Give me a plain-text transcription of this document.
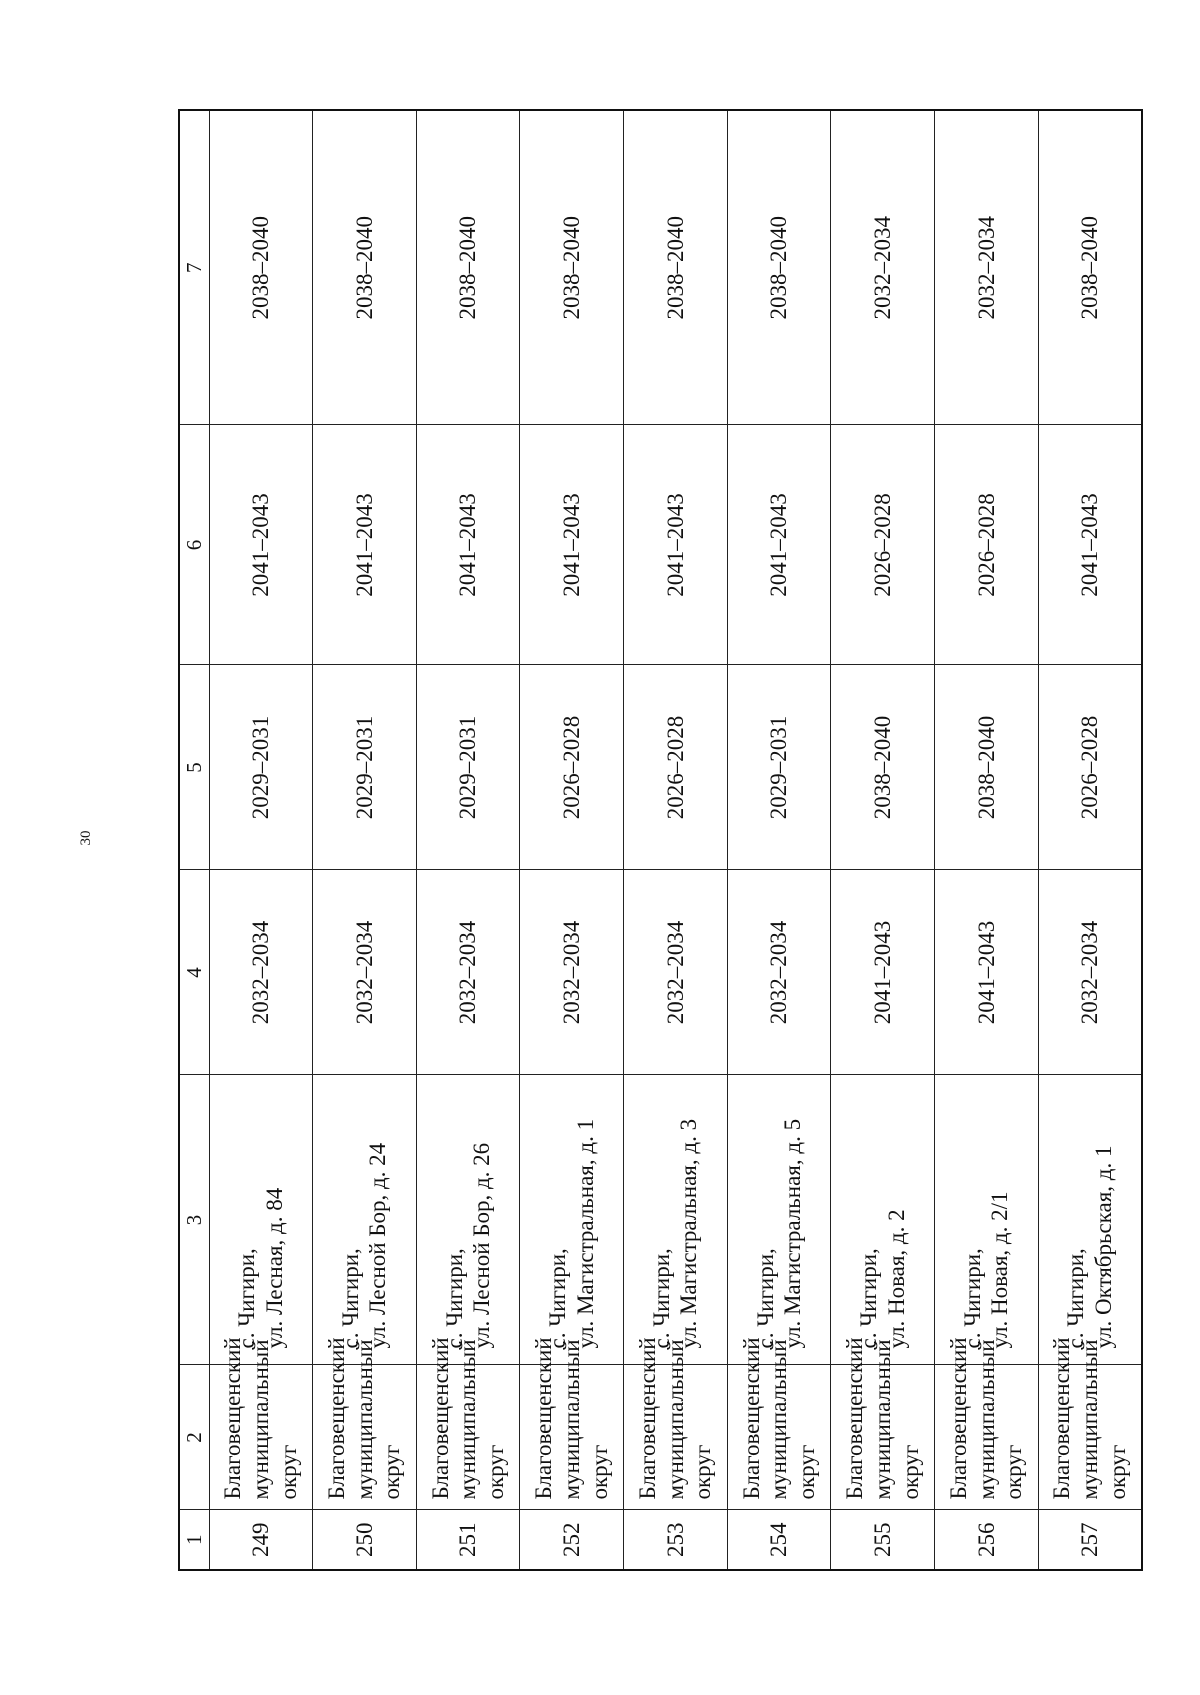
30
1	2	3	4	5	6	7
249	Благовещенский муниципальный округ	с. Чигири, ул. Лесная, д. 84	2032–2034	2029–2031	2041–2043	2038–2040
250	Благовещенский муниципальный округ	с. Чигири, ул. Лесной Бор, д. 24	2032–2034	2029–2031	2041–2043	2038–2040
251	Благовещенский муниципальный округ	с. Чигири, ул. Лесной Бор, д. 26	2032–2034	2029–2031	2041–2043	2038–2040
252	Благовещенский муниципальный округ	с. Чигири, ул. Магистральная, д. 1	2032–2034	2026–2028	2041–2043	2038–2040
253	Благовещенский муниципальный округ	с. Чигири, ул. Магистральная, д. 3	2032–2034	2026–2028	2041–2043	2038–2040
254	Благовещенский муниципальный округ	с. Чигири, ул. Магистральная, д. 5	2032–2034	2029–2031	2041–2043	2038–2040
255	Благовещенский муниципальный округ	с. Чигири, ул. Новая, д. 2	2041–2043	2038–2040	2026–2028	2032–2034
256	Благовещенский муниципальный округ	с. Чигири, ул. Новая, д. 2/1	2041–2043	2038–2040	2026–2028	2032–2034
257	Благовещенский муниципальный округ	с. Чигири, ул. Октябрьская, д. 1	2032–2034	2026–2028	2041–2043	2038–2040
